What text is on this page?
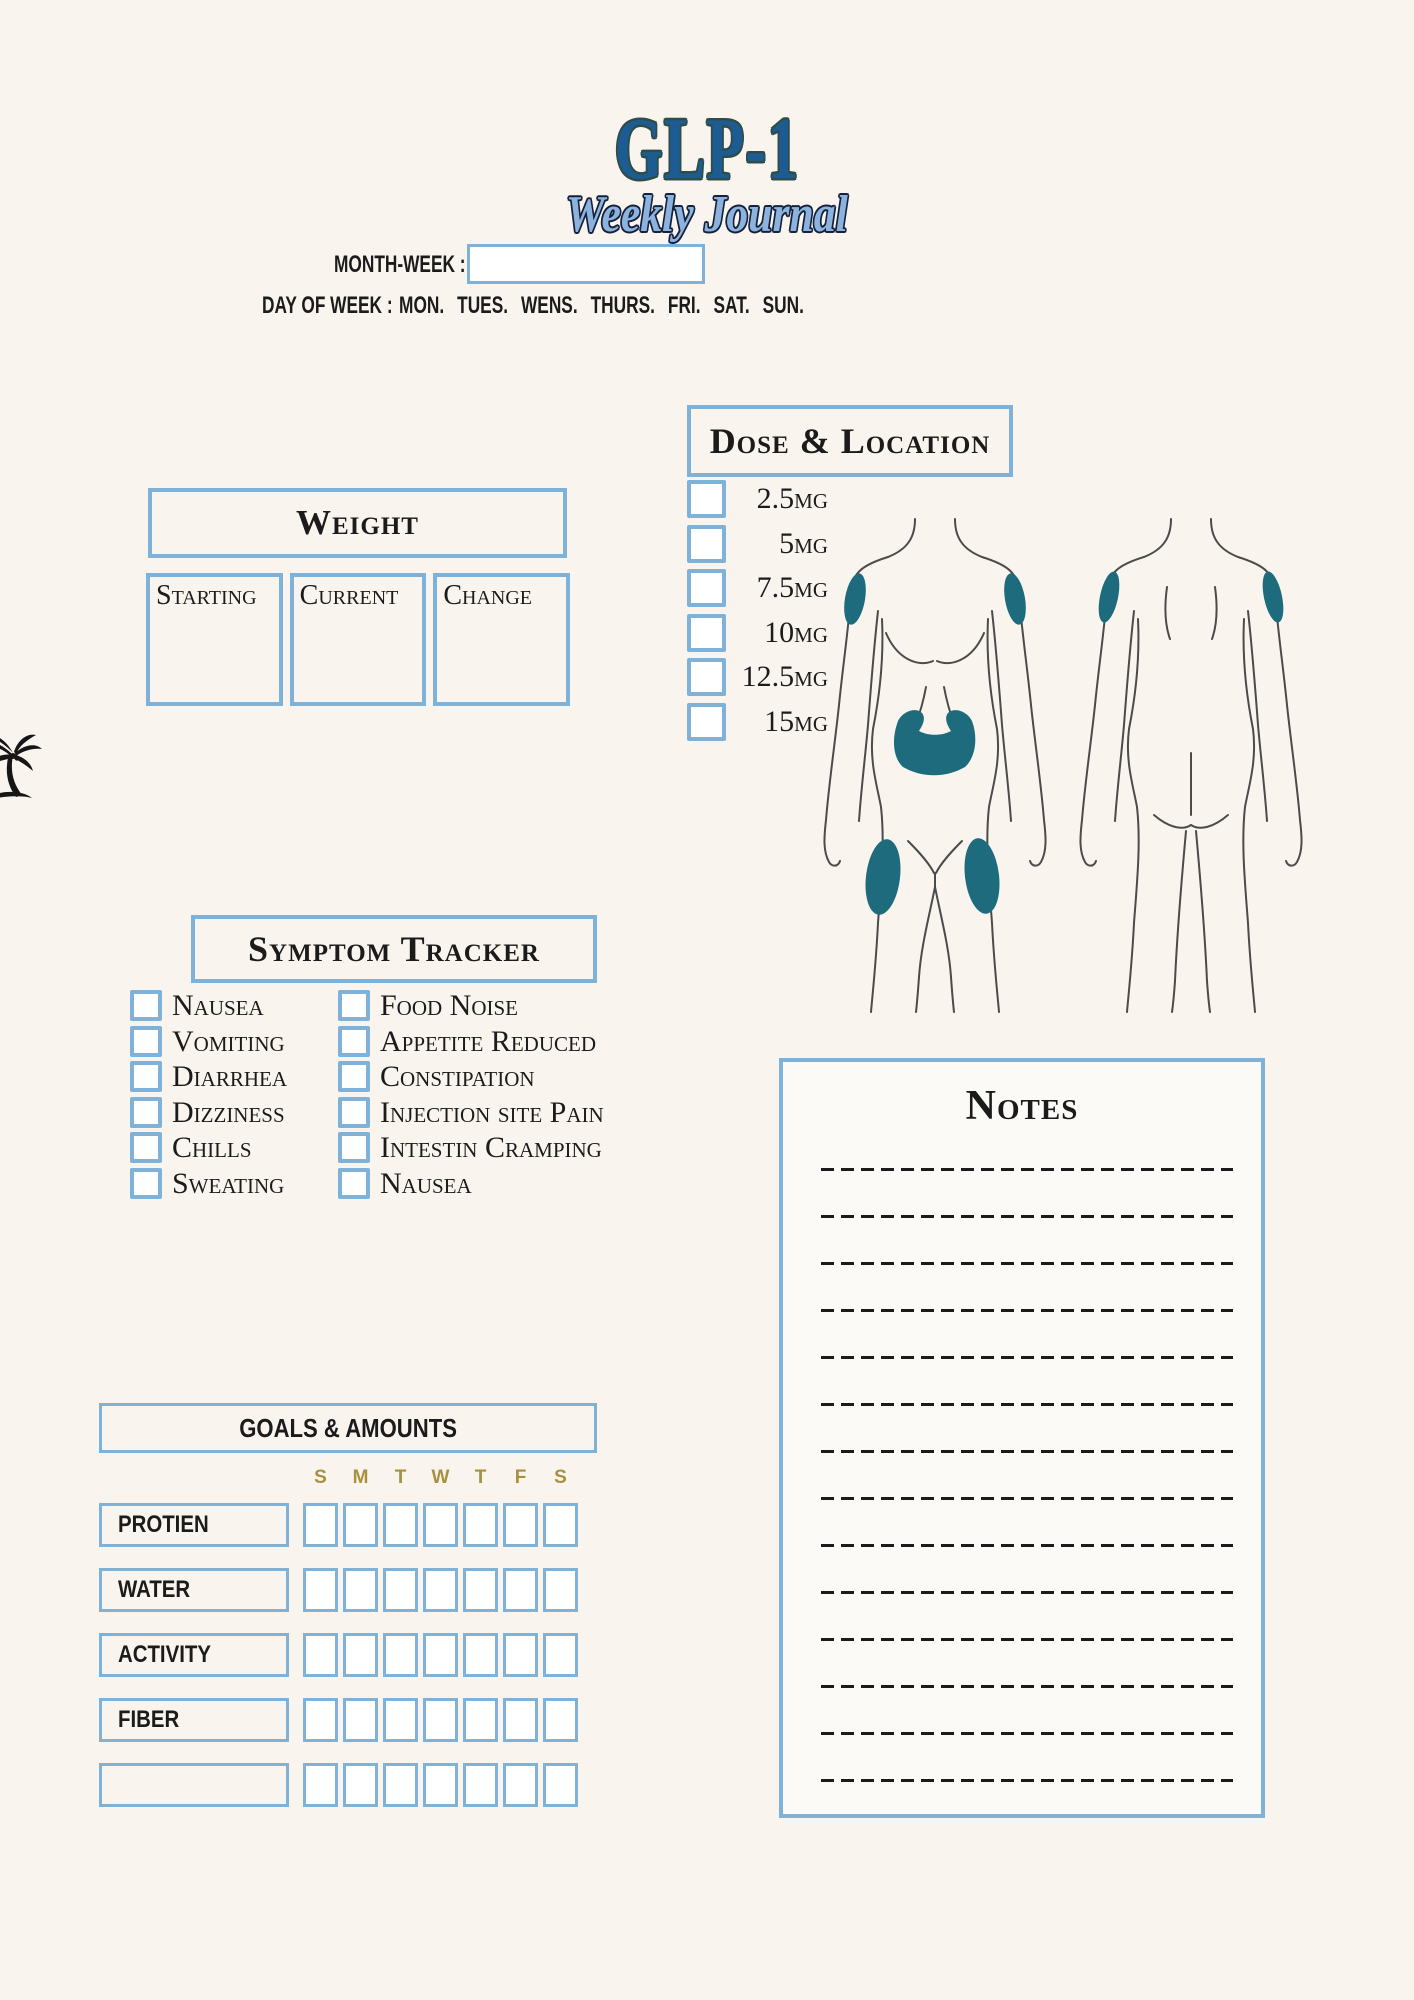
GLP-1
Weekly Journal
MONTH-WEEK :
DAY OF WEEK : MON. TUES. WENS. THURS. FRI. SAT. SUN.
Weight
Starting	Current	Change
Dose & Location
2.5mg
5mg
7.5mg
10mg
12.5mg
15mg
Symptom Tracker
Nausea
Vomiting
Diarrhea
Dizziness
Chills
Sweating
Food Noise
Appetite Reduced
Constipation
Injection site Pain
Intestin Cramping
Nausea
Notes
GOALS & AMOUNTS
S	M	T	W	T	F	S
PROTIEN
WATER
ACTIVITY
FIBER
